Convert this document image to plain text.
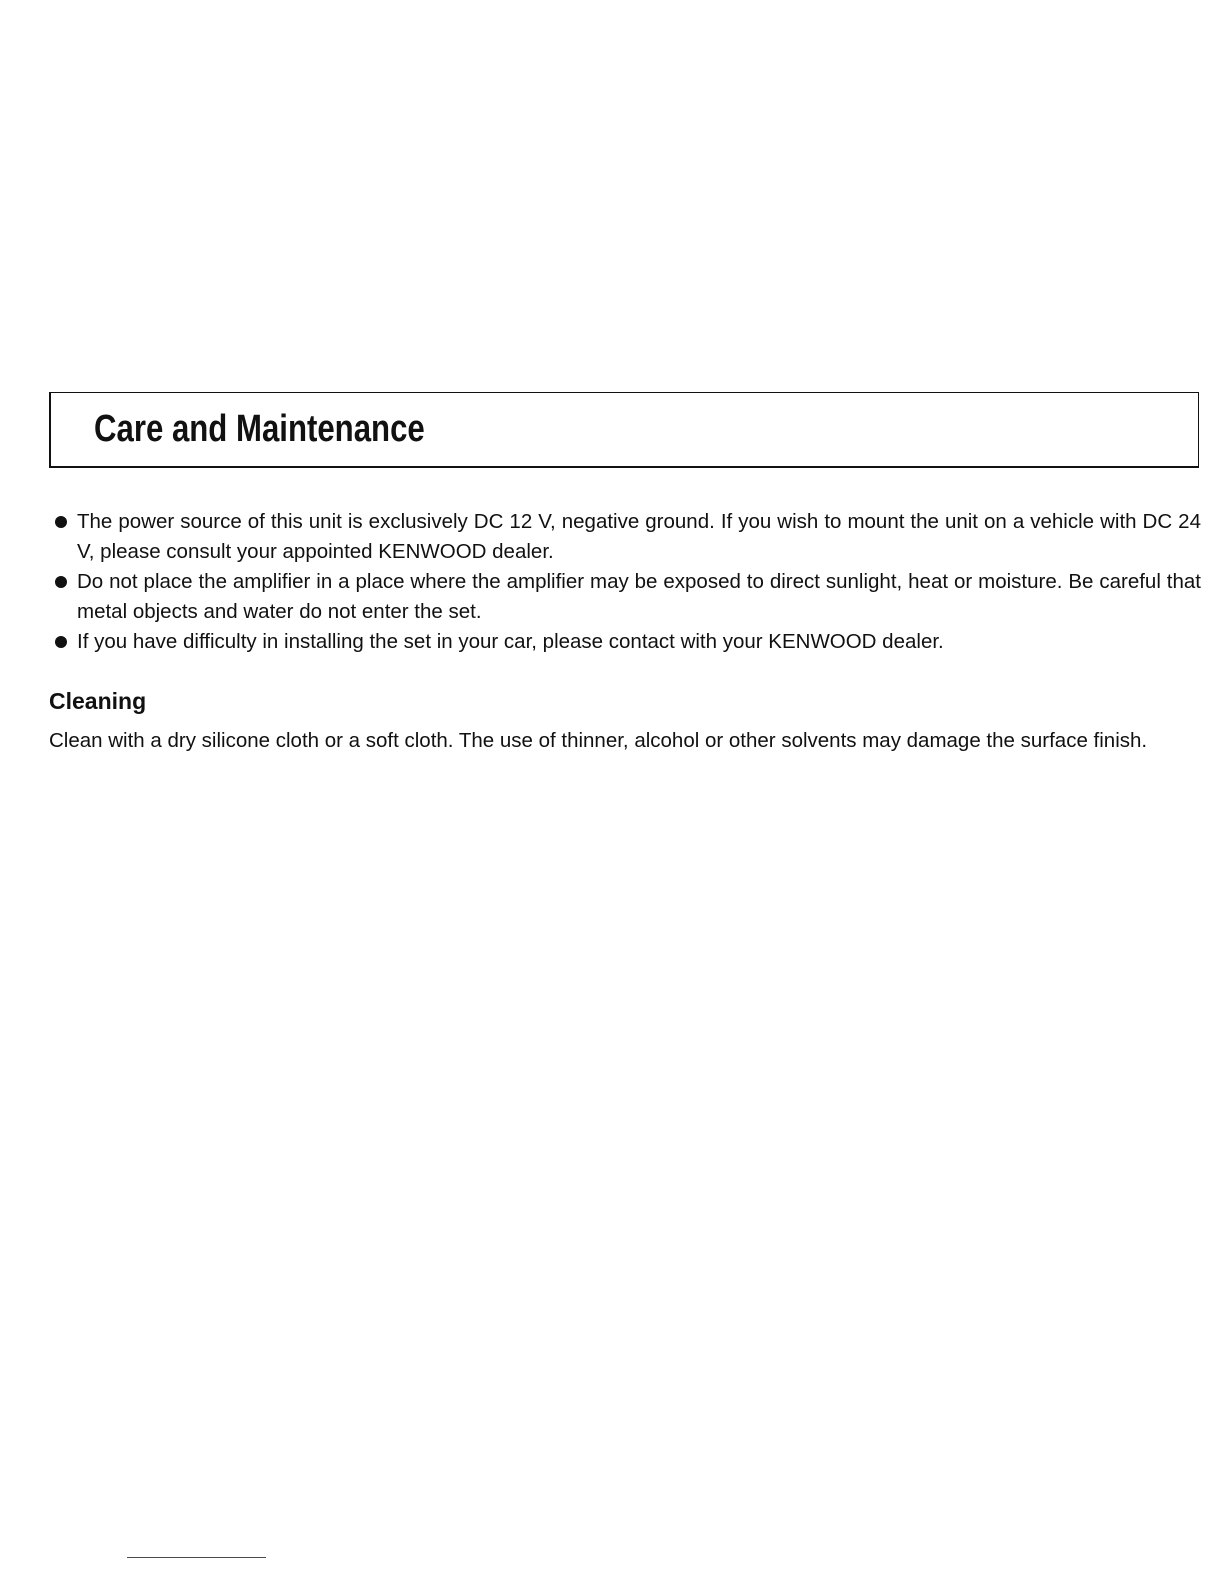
Care and Maintenance
The power source of this unit is exclusively DC 12 V, negative ground. If you wish to mount the unit on a vehicle with DC 24 V, please consult your appointed KENWOOD dealer.
Do not place the amplifier in a place where the amplifier may be exposed to direct sunlight, heat or moisture. Be careful that metal objects and water do not enter the set.
If you have difficulty in installing the set in your car, please contact with your KENWOOD dealer.
Cleaning

Clean with a dry silicone cloth or a soft cloth. The use of thinner, alcohol or other solvents may damage the surface finish.
